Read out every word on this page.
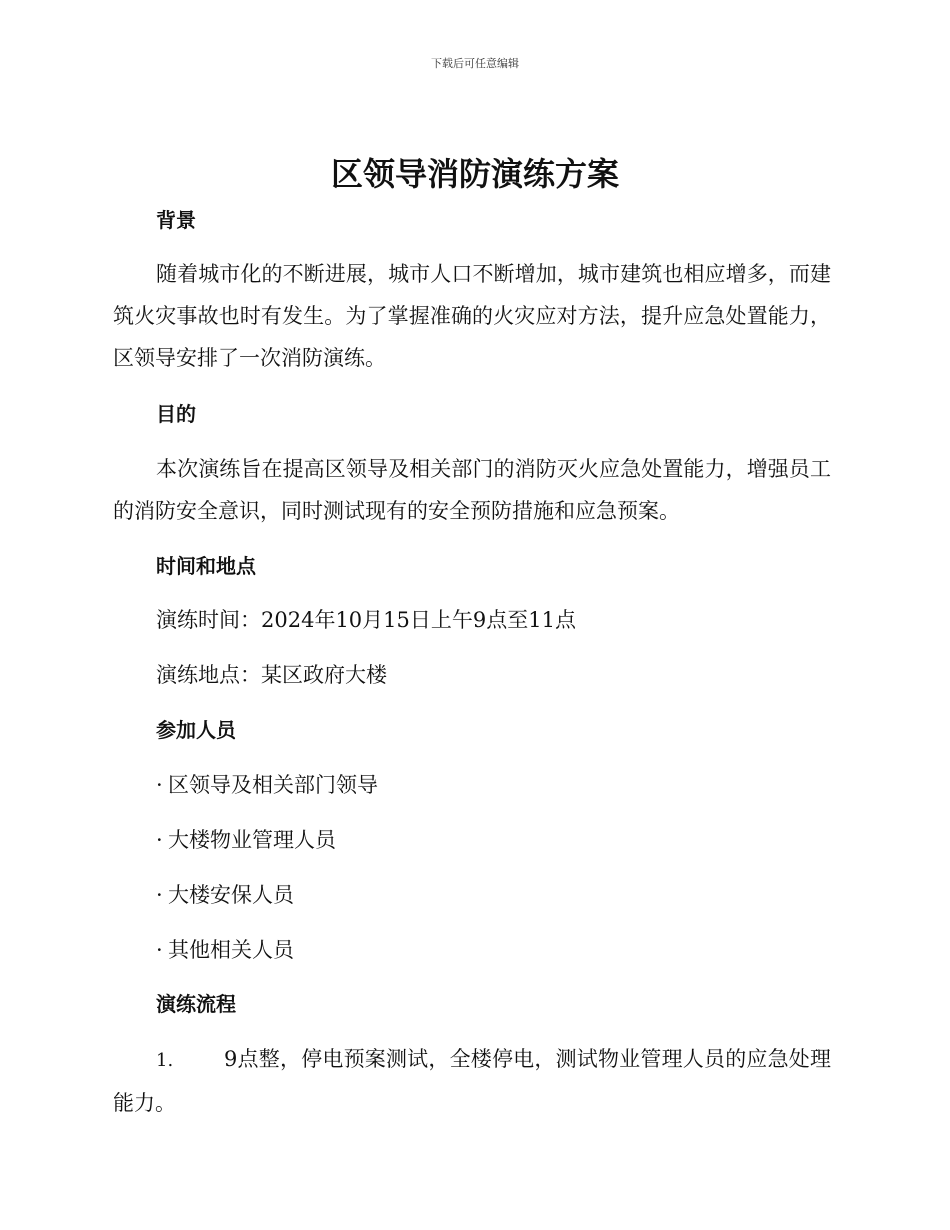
下载后可任意编辑
区领导消防演练方案
背景

随着城市化的不断进展，城市人口不断增加，城市建筑也相应增多，而建筑火灾事故也时有发生。为了掌握准确的火灾应对方法，提升应急处置能力，区领导安排了一次消防演练。

目的

本次演练旨在提高区领导及相关部门的消防灭火应急处置能力，增强员工的消防安全意识，同时测试现有的安全预防措施和应急预案。

时间和地点

演练时间：2024年10月15日上午9点至11点

演练地点：某区政府大楼

参加人员

· 区领导及相关部门领导

· 大楼物业管理人员

· 大楼安保人员

· 其他相关人员

演练流程

1. 9点整，停电预案测试，全楼停电，测试物业管理人员的应急处理能力。
